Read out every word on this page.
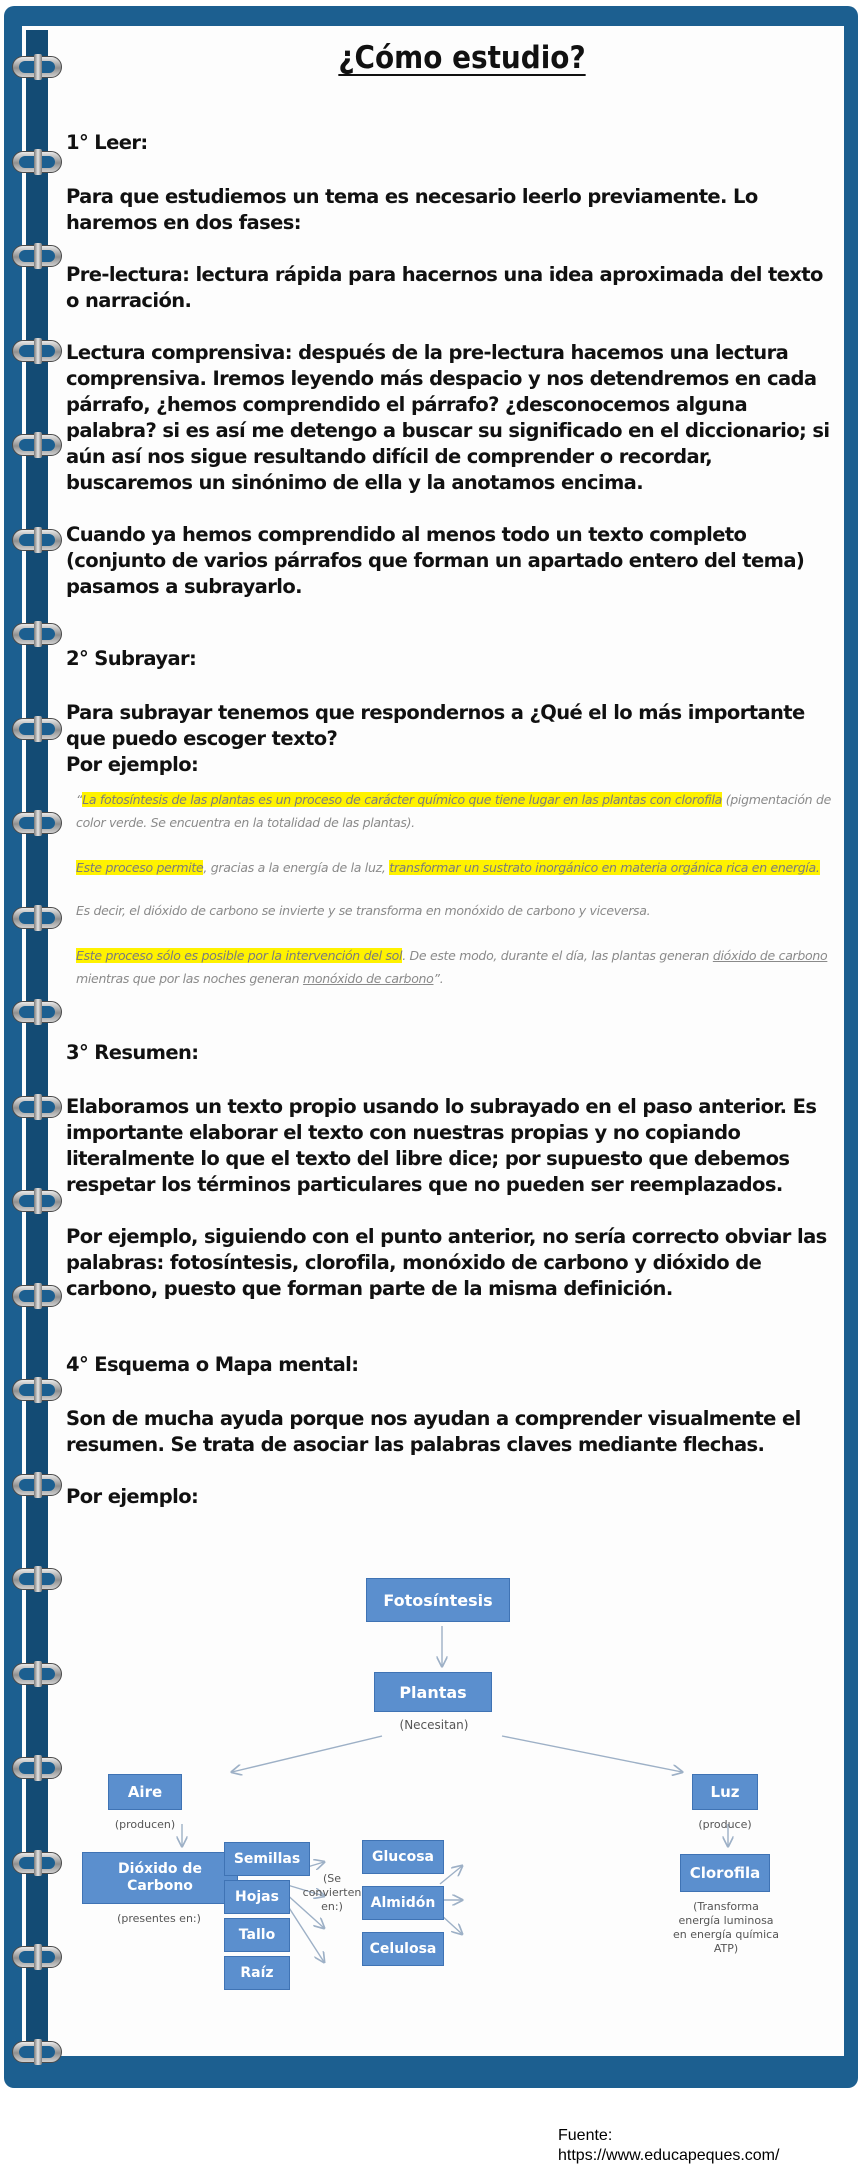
¿Cómo estudio?

1° Leer:

Para que estudiemos un tema es necesario leerlo previamente. Lo haremos en dos fases:

Pre-lectura: lectura rápida para hacernos una idea aproximada del texto o narración.

Lectura comprensiva: después de la pre-lectura hacemos una lectura comprensiva. Iremos leyendo más despacio y nos detendremos en cada párrafo, ¿hemos comprendido el párrafo? ¿desconocemos alguna palabra? si es así me detengo a buscar su significado en el diccionario; si aún así nos sigue resultando difícil de comprender o recordar, buscaremos un sinónimo de ella y la anotamos encima.

Cuando ya hemos comprendido al menos todo un texto completo (conjunto de varios párrafos que forman un apartado entero del tema) pasamos a subrayarlo.

2° Subrayar:

Para subrayar tenemos que respondernos a ¿Qué el lo más importante que puedo escoger texto?

Por ejemplo:

“La fotosíntesis de las plantas es un proceso de carácter químico que tiene lugar en las plantas con clorofila (pigmentación de color verde. Se encuentra en la totalidad de las plantas).

Este proceso permite, gracias a la energía de la luz, transformar un sustrato inorgánico en materia orgánica rica en energía.

Es decir, el dióxido de carbono se invierte y se transforma en monóxido de carbono y viceversa.

Este proceso sólo es posible por la intervención del sol. De este modo, durante el día, las plantas generan dióxido de carbono mientras que por las noches generan monóxido de carbono”.

3° Resumen:

Elaboramos un texto propio usando lo subrayado en el paso anterior. Es importante elaborar el texto con nuestras propias y no copiando literalmente lo que el texto del libre dice; por supuesto que debemos respetar los términos particulares que no pueden ser reemplazados.

Por ejemplo, siguiendo con el punto anterior, no sería correcto obviar las palabras: fotosíntesis, clorofila, monóxido de carbono y dióxido de carbono, puesto que forman parte de la misma definición.

4° Esquema o Mapa mental:

Son de mucha ayuda porque nos ayudan a comprender visualmente el resumen. Se trata de asociar las palabras claves mediante flechas.

Por ejemplo:

Fotosíntesis
Plantas
(Necesitan)
Aire
(producen)
Dióxido de Carbono
(presentes en:)
Semillas
Hojas
Tallo
Raíz
(Se convierten en:)
Glucosa
Almidón
Celulosa
Luz
(produce)
Clorofila
(Transforma energía luminosa en energía química ATP)
Fuente:
https://www.educapeques.com/
